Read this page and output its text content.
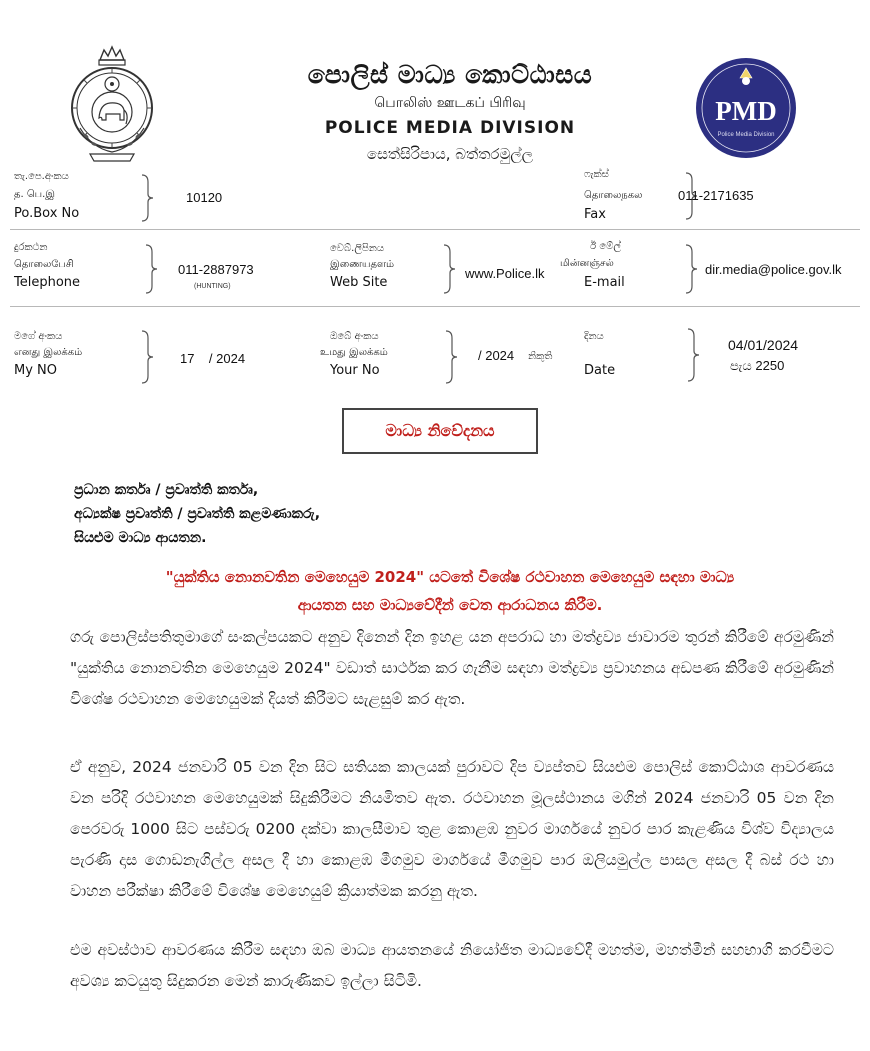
පොලිස් මාධ්‍ය කොට්ඨාසය
பொலிஸ் ஊடகப் பிரிவு
POLICE MEDIA DIVISION
සෙත්සිරිපාය, බත්තරමුල්ල
PMD
Police Media Division
තැ.පෙ.අංකය
த. பெ.இ
Po.Box No
10120
ෆැක්ස්
தொலைநகல
Fax
011-2171635
දුරකථන
தொலைபேசி
Telephone
011-2887973
(HUNTING)
වෙබ්.ලිපිනය
இணையதளம்
Web Site
www.Police.lk
ඊ මේල්
மின்னஞ்சல்
E-mail
dir.media@police.gov.lk
මගේ අංකය
எனது இலக்கம்
My NO
17    / 2024
ඔබේ අංකය
உமது இலக்கம்
Your No
/ 2024 නිකුති
දිනය
Date
04/01/2024
පැය 2250
මාධ්‍ය නිවේදනය
ප්‍රධාන කර්තෘ / ප්‍රවෘත්ති කර්තෘ,
අධ්‍යක්ෂ ප්‍රවෘත්ති / ප්‍රවෘත්ති කළමණාකරු,
සියළුම මාධ්‍ය ආයතන.
"යුක්තිය නොනවතින මෙහෙයුම 2024" යටතේ විශේෂ රථවාහන මෙහෙයුම සඳහා මාධ්‍ය
ආයතන සහ මාධ්‍යවේදීන් වෙත ආරාධනය කිරීම.
ගරු පොලිස්පතිතුමාගේ සංකල්පයකට අනුව දිනෙන් දින ඉහළ යන අපරාධ හා මත්ද්‍රව්‍ය ජාවාරම තුරන් කිරීමේ අරමුණින් "යුක්තිය නොනවතින මෙහෙයුම 2024" වඩාත් සාර්ථක කර ගැනීම සඳහා මත්ද්‍රව්‍ය ප්‍රවාහනය අඩපණ කිරීමේ අරමුණින් විශේෂ රථවාහන මෙහෙයුමක් දියත් කිරීමට සැළසුම් කර ඇත.
ඒ අනුව, 2024 ජනවාරි 05 වන දින සිට සතියක කාලයක් පුරාවට දිප ව්‍යප්තව සියළුම පොලිස් කොට්ඨාශ ආවරණය වන පරිදි රථවාහන මෙහෙයුමක් සිදුකිරීමට නියමිතව ඇත. රථවාහන මූලස්ථානය මගින් 2024 ජනවාරි 05 වන දින පෙරවරු 1000 සිට පස්වරු 0200 දක්වා කාලසීමාව තුළ කොළඹ නුවර මාර්ගයේ නුවර පාර කැළණිය විශ්ව විද්‍යාලය පැරණි දාස ගොඩනැගිල්ල අසල දී හා කොළඹ මීගමුව මාර්ගයේ මීගමුව පාර ඔලියමුල්ල පාසල අසල දී බස් රථ හා වාහන පරීක්ෂා කිරීමේ විශේෂ මෙහෙයුම් ක්‍රියාත්මක කරනු ඇත.
එම අවස්ථාව ආවරණය කිරීම සඳහා ඔබ මාධ්‍ය ආයතනයේ නියෝජිත මාධ්‍යවේදී මහත්ම, මහත්මීන් සහභාගි කරවීමට අවශ්‍ය කටයුතු සිදුකරන මෙන් කාරුණිකව ඉල්ලා සිටිමි.
